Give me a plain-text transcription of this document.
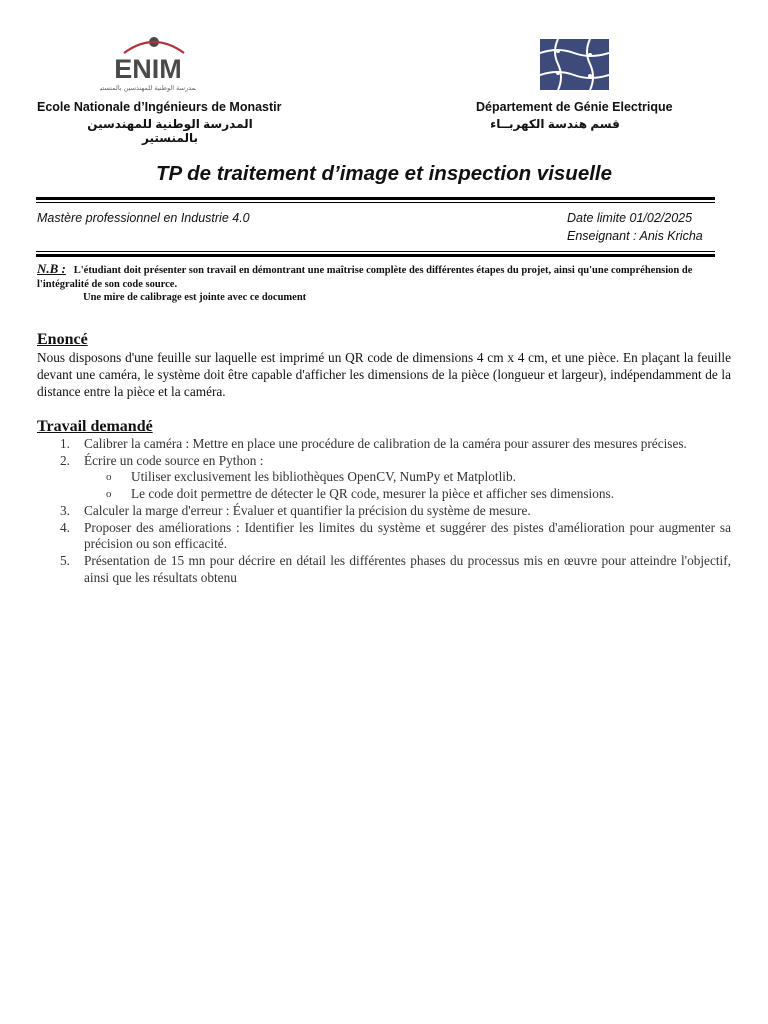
ENIM
المدرسة الوطنية للمهندسين بالمنستير
Ecole Nationale d’Ingénieurs de Monastir
المدرسة الوطنية للمهندسين بالمنستير
Département de Génie Electrique
قسم هندسة الكهربــاء
TP de traitement d’image et inspection visuelle
Mastère professionnel en Industrie 4.0	Date limite 01/02/2025
Enseignant : Anis Kricha
N.B : L'étudiant doit présenter son travail en démontrant une maîtrise complète des différentes étapes du projet, ainsi qu'une compréhension de l'intégralité de son code source.
Une mire de calibrage est jointe avec ce document
Enoncé
Nous disposons d'une feuille sur laquelle est imprimé un QR code de dimensions 4 cm x 4 cm, et une pièce. En plaçant la feuille devant une caméra, le système doit être capable d'afficher les dimensions de la pièce (longueur et largeur), indépendamment de la distance entre la pièce et la caméra.
Travail demandé
1. Calibrer la caméra : Mettre en place une procédure de calibration de la caméra pour assurer des mesures précises.
2. Écrire un code source en Python :
o Utiliser exclusivement les bibliothèques OpenCV, NumPy et Matplotlib.
o Le code doit permettre de détecter le QR code, mesurer la pièce et afficher ses dimensions.
3. Calculer la marge d'erreur : Évaluer et quantifier la précision du système de mesure.
4. Proposer des améliorations : Identifier les limites du système et suggérer des pistes d'amélioration pour augmenter sa précision ou son efficacité.
5. Présentation de 15 mn pour décrire en détail les différentes phases du processus mis en œuvre pour atteindre l'objectif, ainsi que les résultats obtenu
